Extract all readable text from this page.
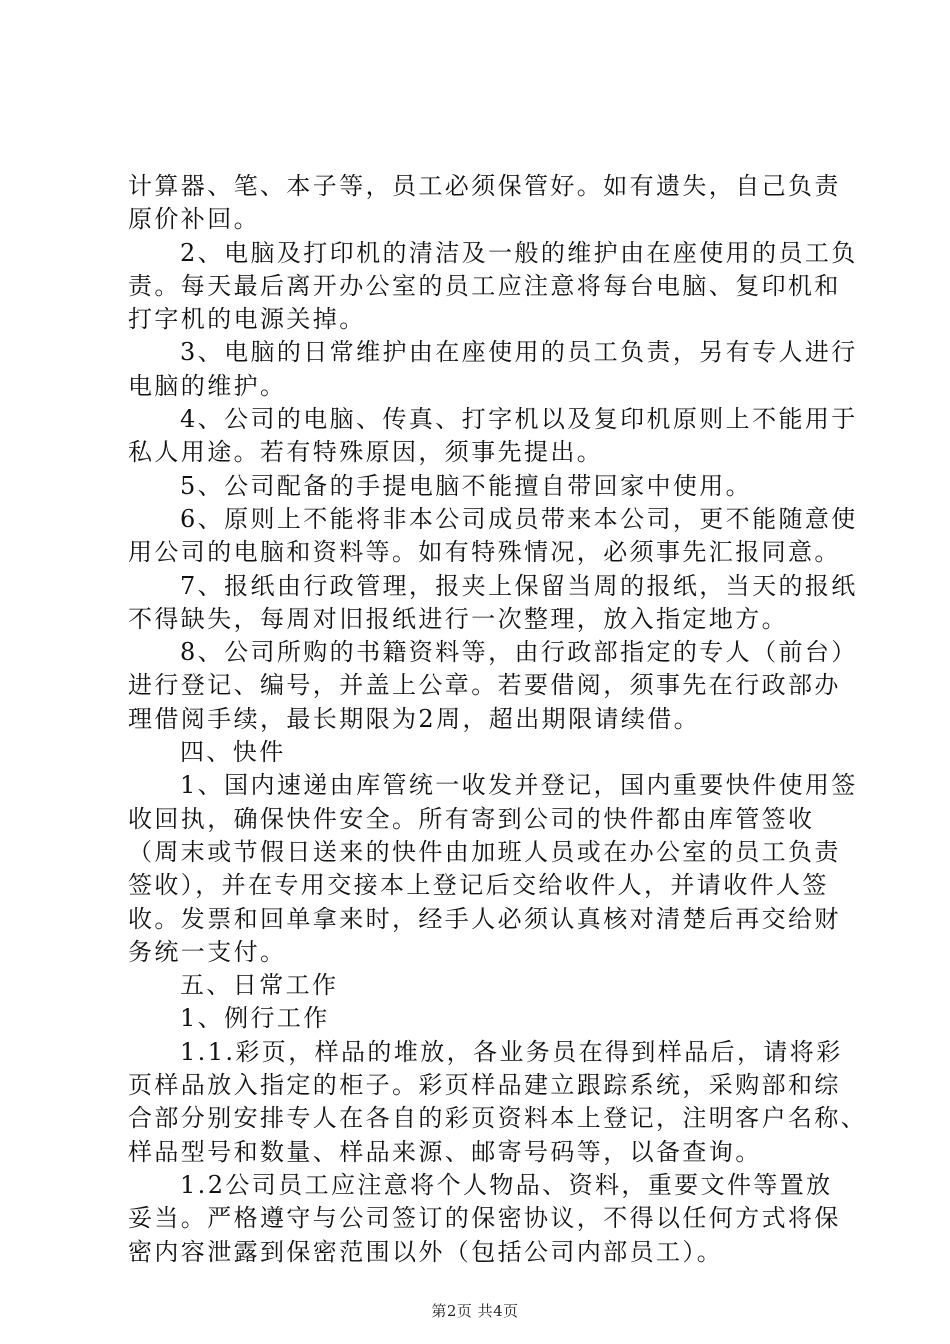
计算器、笔、本子等，员工必须保管好。如有遗失，自己负责
原价补回。
2、电脑及打印机的清洁及一般的维护由在座使用的员工负
责。每天最后离开办公室的员工应注意将每台电脑、复印机和
打字机的电源关掉。
3、电脑的日常维护由在座使用的员工负责，另有专人进行
电脑的维护。
4、公司的电脑、传真、打字机以及复印机原则上不能用于
私人用途。若有特殊原因，须事先提出。
5、公司配备的手提电脑不能擅自带回家中使用。
6、原则上不能将非本公司成员带来本公司，更不能随意使
用公司的电脑和资料等。如有特殊情况，必须事先汇报同意。
7、报纸由行政管理，报夹上保留当周的报纸，当天的报纸
不得缺失，每周对旧报纸进行一次整理，放入指定地方。
8、公司所购的书籍资料等，由行政部指定的专人（前台）
进行登记、编号，并盖上公章。若要借阅，须事先在行政部办
理借阅手续，最长期限为2周，超出期限请续借。
四、快件
1、国内速递由库管统一收发并登记，国内重要快件使用签
收回执，确保快件安全。所有寄到公司的快件都由库管签收
（周末或节假日送来的快件由加班人员或在办公室的员工负责
签收），并在专用交接本上登记后交给收件人，并请收件人签
收。发票和回单拿来时，经手人必须认真核对清楚后再交给财
务统一支付。
五、日常工作
1、例行工作
1.1.彩页，样品的堆放，各业务员在得到样品后，请将彩
页样品放入指定的柜子。彩页样品建立跟踪系统，采购部和综
合部分别安排专人在各自的彩页资料本上登记，注明客户名称、
样品型号和数量、样品来源、邮寄号码等，以备查询。
1.2公司员工应注意将个人物品、资料，重要文件等置放
妥当。严格遵守与公司签订的保密协议，不得以任何方式将保
密内容泄露到保密范围以外（包括公司内部员工）。
第2页 共4页
